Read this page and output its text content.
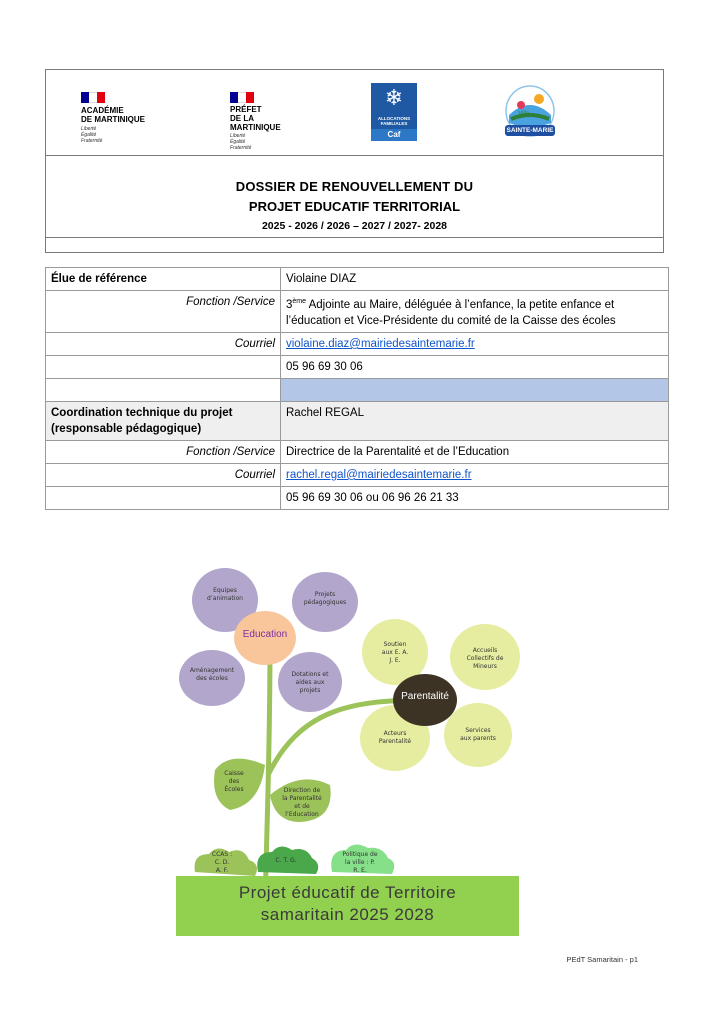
ACADÉMIE
DE MARTINIQUE
Liberté
Égalité
Fraternité
PRÉFET
DE LA
MARTINIQUE
Liberté
Égalité
Fraternité
❄
ALLOCATIONS
FAMILIALES
Caf
Ville
SAINTE-MARIE
DOSSIER DE RENOUVELLEMENT DU
PROJET EDUCATIF TERRITORIAL
2025 - 2026 / 2026 – 2027 / 2027- 2028
Élue de référence	Violaine DIAZ
Fonction /Service	3ème Adjointe au Maire, déléguée à l’enfance, la petite enfance et l’éducation et Vice-Présidente du comité de la Caisse des écoles
Courriel	violaine.diaz@mairiedesaintemarie.fr
	05 96 69 30 06

Coordination technique du projet (responsable pédagogique)	Rachel REGAL
Fonction /Service	Directrice de la Parentalité et de l’Education
Courriel	rachel.regal@mairiedesaintemarie.fr
	05 96 69 30 06 ou 06 96 26 21 33
Equipes d’animation
Projets pédagogiques
Aménagement des écoles
Dotations et aides aux projets
Soutien aux E. A. J. E.
Accueils Collectifs de Mineurs
Acteurs Parentalité
Services aux parents
Caisse des Écoles	Direction de la Parentalité et de l’Education
CCAS : C. D. A. F.
C. T. G.
Politique de la ville : P. R. E.
Projet éducatif de Territoire
samaritain 2025 2028
Education
Parentalité
PEdT Samaritain - p1
